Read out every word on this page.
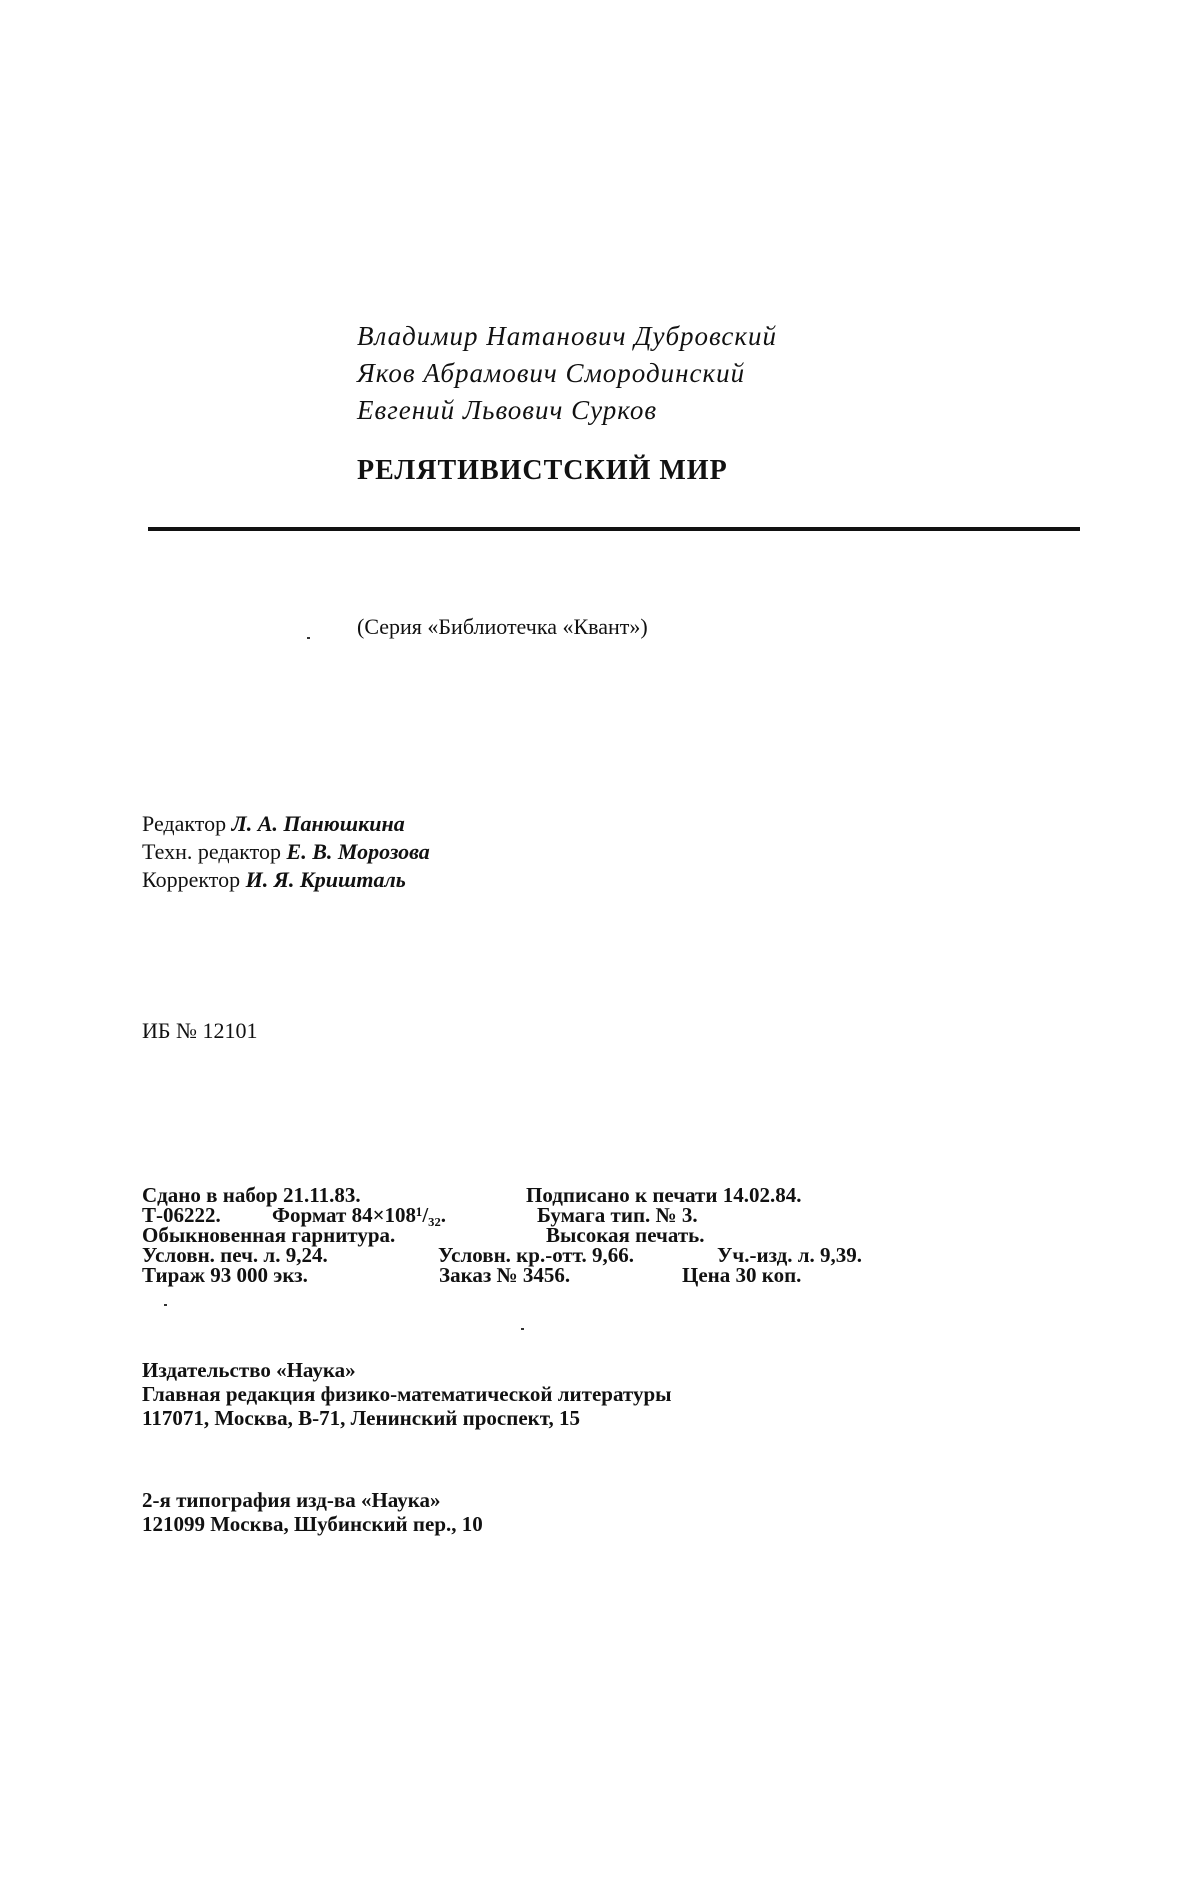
Владимир Натанович Дубровский
Яков Абрамович Смородинский
Евгений Львович Сурков
РЕЛЯТИВИСТСКИЙ МИР
(Серия «Библиотечка «Квант»)
Редактор Л. А. Панюшкина
Техн. редактор Е. В. Морозова
Корректор И. Я. Кришталь
ИБ № 12101
Сдано в набор 21.11.83.	Подписано к печати 14.02.84.
Т-06222. Формат 84×108¹/₃₂.	Бумага тип. № 3.
Обыкновенная гарнитура.	Высокая печать.
Условн. печ. л. 9,24.	Условн. кр.-отт. 9,66.	Уч.-изд. л. 9,39.
Тираж 93 000 экз.	Заказ № 3456.	Цена 30 коп.
Издательство «Наука»
Главная редакция физико-математической литературы
117071, Москва, В-71, Ленинский проспект, 15
2-я типография изд-ва «Наука»
121099 Москва, Шубинский пер., 10
